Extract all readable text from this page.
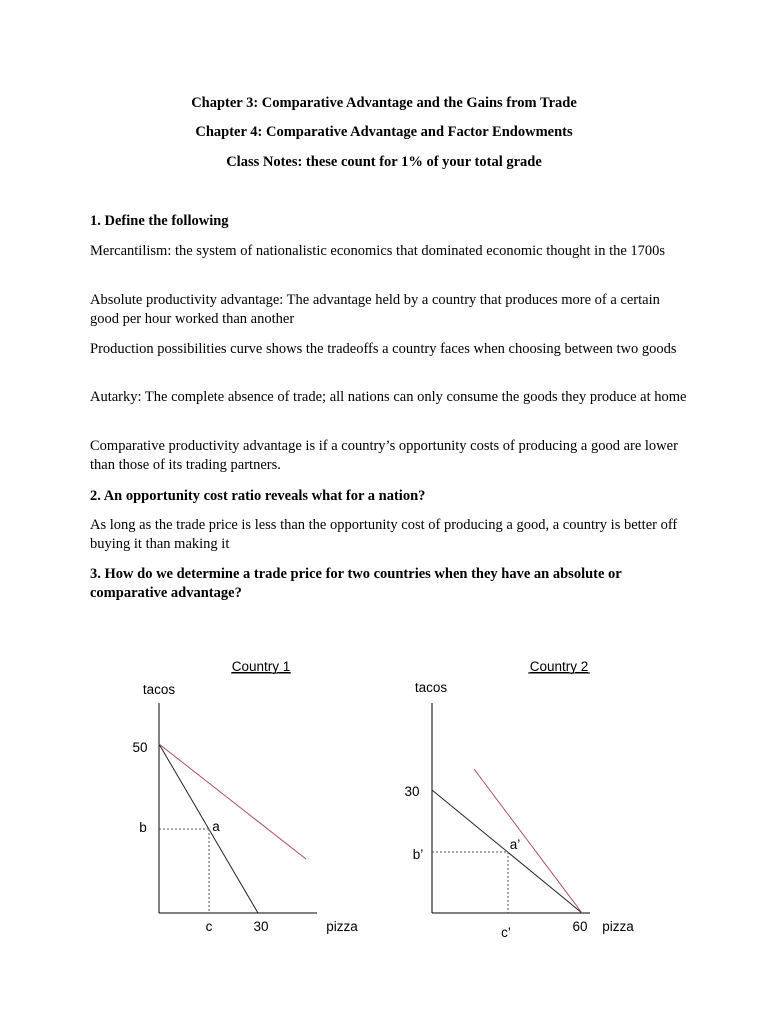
Chapter 3: Comparative Advantage and the Gains from Trade
Chapter 4: Comparative Advantage and Factor Endowments
Class Notes: these count for 1% of your total grade
1. Define the following
Mercantilism: the system of nationalistic economics that dominated economic thought in the 1700s
Absolute productivity advantage: The advantage held by a country that produces more of a certain good per hour worked than another
Production possibilities curve shows the tradeoffs a country faces when choosing between two goods
Autarky: The complete absence of trade; all nations can only consume the goods they produce at home
Comparative productivity advantage is if a country’s opportunity costs of producing a good are lower than those of its trading partners.
2. An opportunity cost ratio reveals what for a nation?
As long as the trade price is less than the opportunity cost of producing a good, a country is better off buying it than making it
3. How do we determine a trade price for two countries when they have an absolute or comparative advantage?
Country 1
tacos
50
b	a
c	30	pizza
Country 2
tacos
30
b’
a’
c’	60 pizza
